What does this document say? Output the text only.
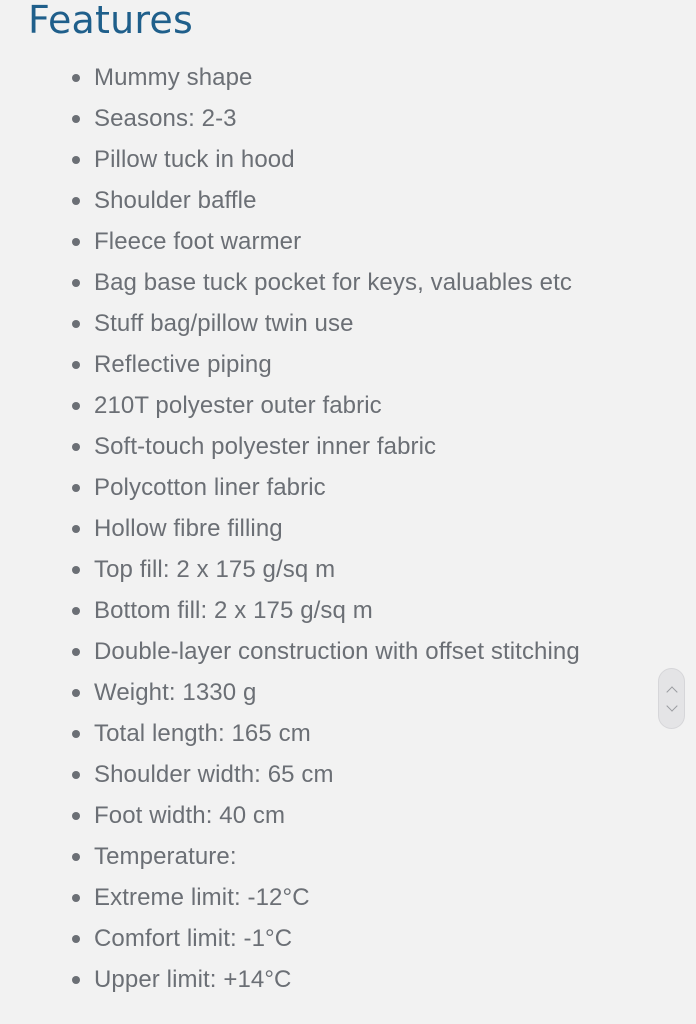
Features
Mummy shape
Seasons: 2-3
Pillow tuck in hood
Shoulder baffle
Fleece foot warmer
Bag base tuck pocket for keys, valuables etc
Stuff bag/pillow twin use
Reflective piping
210T polyester outer fabric
Soft-touch polyester inner fabric
Polycotton liner fabric
Hollow fibre filling
Top fill: 2 x 175 g/sq m
Bottom fill: 2 x 175 g/sq m
Double-layer construction with offset stitching
Weight: 1330 g
Total length: 165 cm
Shoulder width: 65 cm
Foot width: 40 cm
Temperature:
Extreme limit: -12°C
Comfort limit: -1°C
Upper limit: +14°C
